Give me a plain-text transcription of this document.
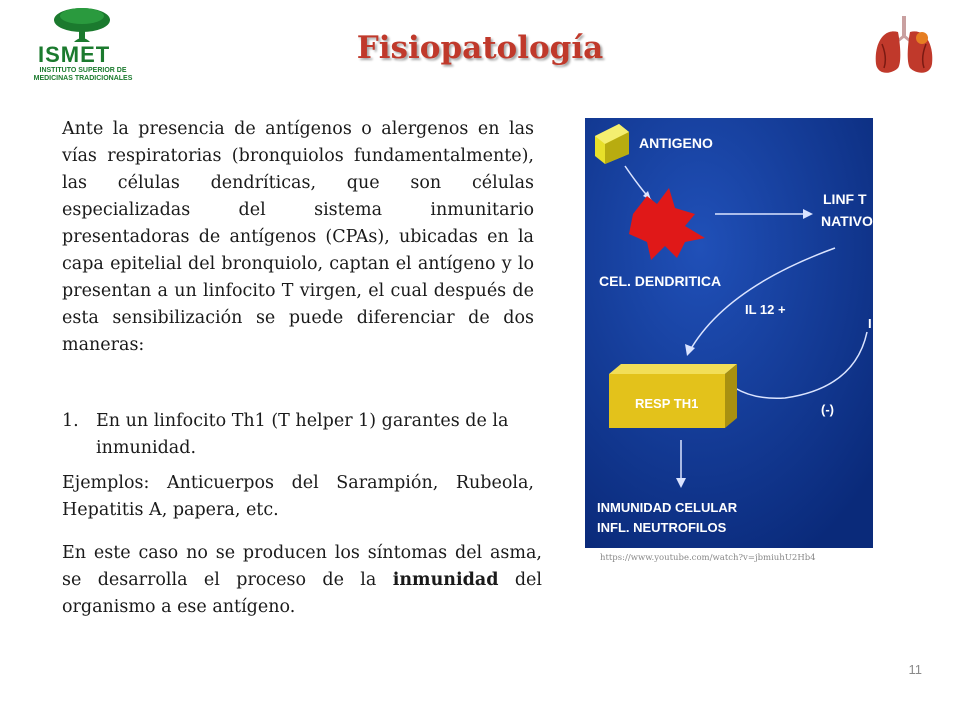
ISMET
INSTITUTO SUPERIOR DE
MEDICINAS TRADICIONALES
Fisiopatología

Ante la presencia de antígenos o alergenos en las vías respiratorias (bronquiolos fundamentalmente), las células dendríticas, que son células especializadas del sistema inmunitario presentadoras de antígenos (CPAs), ubicadas en la capa epitelial del bronquiolo, captan el antígeno y lo presentan a un linfocito T virgen, el cual después de esta sensibilización se puede diferenciar de dos maneras:

1. En un linfocito Th1 (T helper 1) garantes de la inmunidad.

Ejemplos: Anticuerpos del Sarampión, Rubeola, Hepatitis A, papera, etc.

En este caso no se producen los síntomas del asma, se desarrolla el proceso de la inmunidad del organismo a ese antígeno.

ANTIGENO
LINF T
NATIVO
CEL. DENDRITICA
IL 12 +
I
RESP TH1	(-)
INMUNIDAD CELULAR
INFL. NEUTROFILOS
https://www.youtube.com/watch?v=jbmiuhU2Hb4
11
